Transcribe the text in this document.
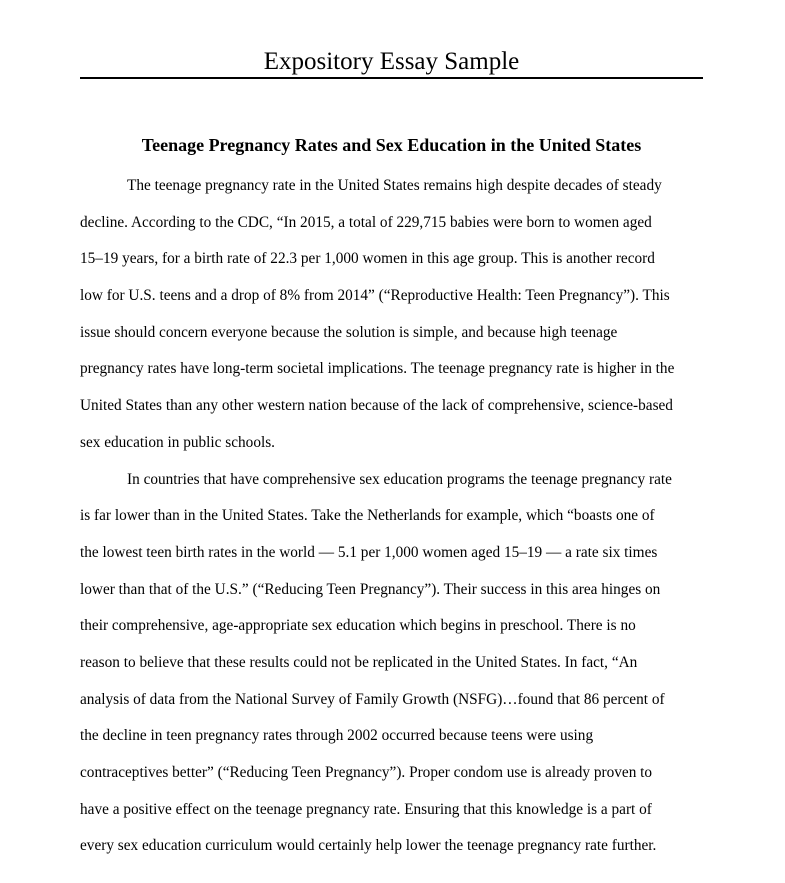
Expository Essay Sample
Teenage Pregnancy Rates and Sex Education in the United States
The teenage pregnancy rate in the United States remains high despite decades of steady
decline. According to the CDC, “In 2015, a total of 229,715 babies were born to women aged
15–19 years, for a birth rate of 22.3 per 1,000 women in this age group. This is another record
low for U.S. teens and a drop of 8% from 2014” (“Reproductive Health: Teen Pregnancy”). This
issue should concern everyone because the solution is simple, and because high teenage
pregnancy rates have long-term societal implications. The teenage pregnancy rate is higher in the
United States than any other western nation because of the lack of comprehensive, science-based
sex education in public schools.
In countries that have comprehensive sex education programs the teenage pregnancy rate
is far lower than in the United States. Take the Netherlands for example, which “boasts one of
the lowest teen birth rates in the world — 5.1 per 1,000 women aged 15–19 — a rate six times
lower than that of the U.S.” (“Reducing Teen Pregnancy”). Their success in this area hinges on
their comprehensive, age-appropriate sex education which begins in preschool. There is no
reason to believe that these results could not be replicated in the United States. In fact, “An
analysis of data from the National Survey of Family Growth (NSFG)…found that 86 percent of
the decline in teen pregnancy rates through 2002 occurred because teens were using
contraceptives better” (“Reducing Teen Pregnancy”). Proper condom use is already proven to
have a positive effect on the teenage pregnancy rate. Ensuring that this knowledge is a part of
every sex education curriculum would certainly help lower the teenage pregnancy rate further.
